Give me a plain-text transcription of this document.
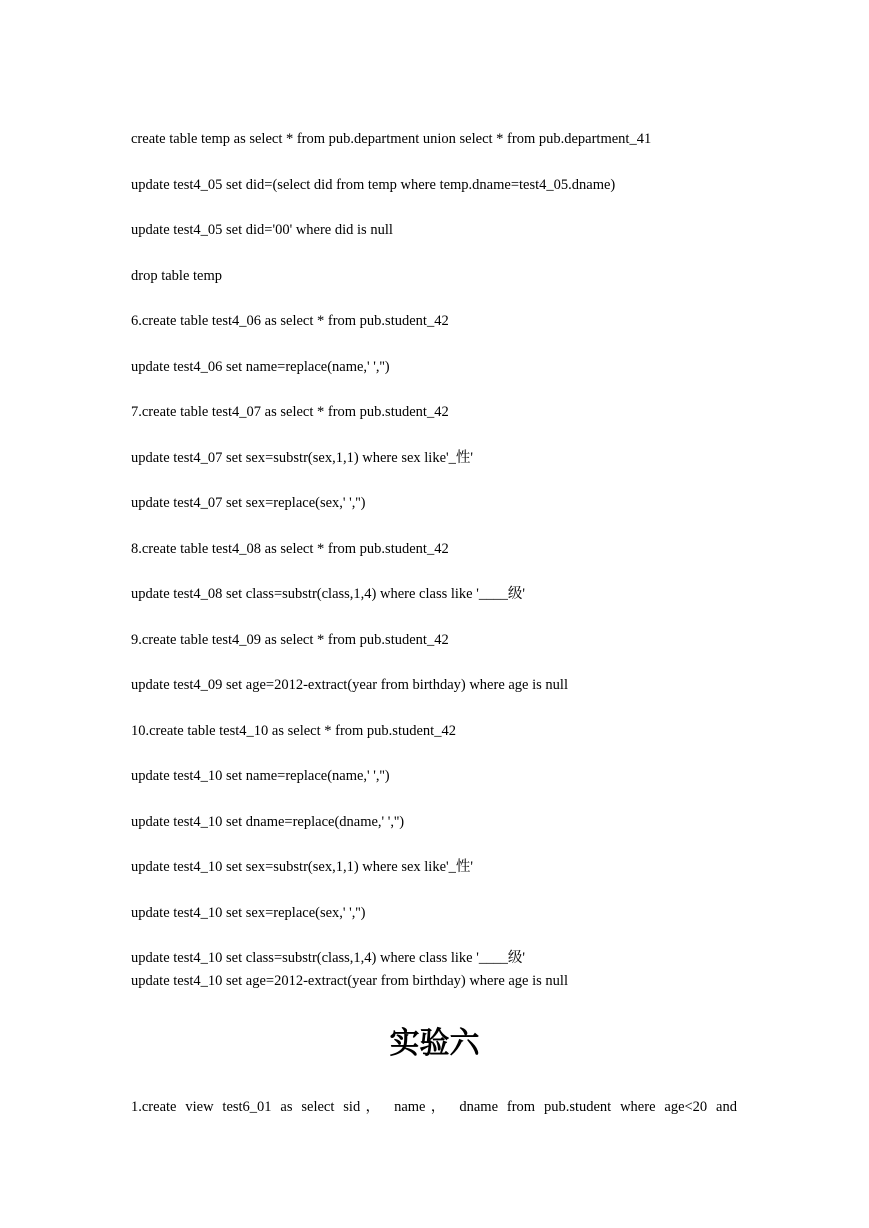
create table temp as select * from pub.department union select * from pub.department_41
update test4_05 set did=(select did from temp where temp.dname=test4_05.dname)
update test4_05 set did='00' where did is null
drop table temp
6.create table test4_06 as select * from pub.student_42
update test4_06 set name=replace(name,' ','')
7.create table test4_07 as select * from pub.student_42
update test4_07 set sex=substr(sex,1,1) where sex like'_性'
update test4_07 set sex=replace(sex,' ','')
8.create table test4_08 as select * from pub.student_42
update test4_08 set class=substr(class,1,4) where class like '____级'
9.create table test4_09 as select * from pub.student_42
update test4_09 set age=2012-extract(year from birthday) where age is null
10.create table test4_10 as select * from pub.student_42
update test4_10 set name=replace(name,' ','')
update test4_10 set dname=replace(dname,' ','')
update test4_10 set sex=substr(sex,1,1) where sex like'_性'
update test4_10 set sex=replace(sex,' ','')
update test4_10 set class=substr(class,1,4) where class like '____级'
update test4_10 set age=2012-extract(year from birthday) where age is null
实验六
1.create view test6_01 as select sid， name， dname from pub.student where age<20 and
